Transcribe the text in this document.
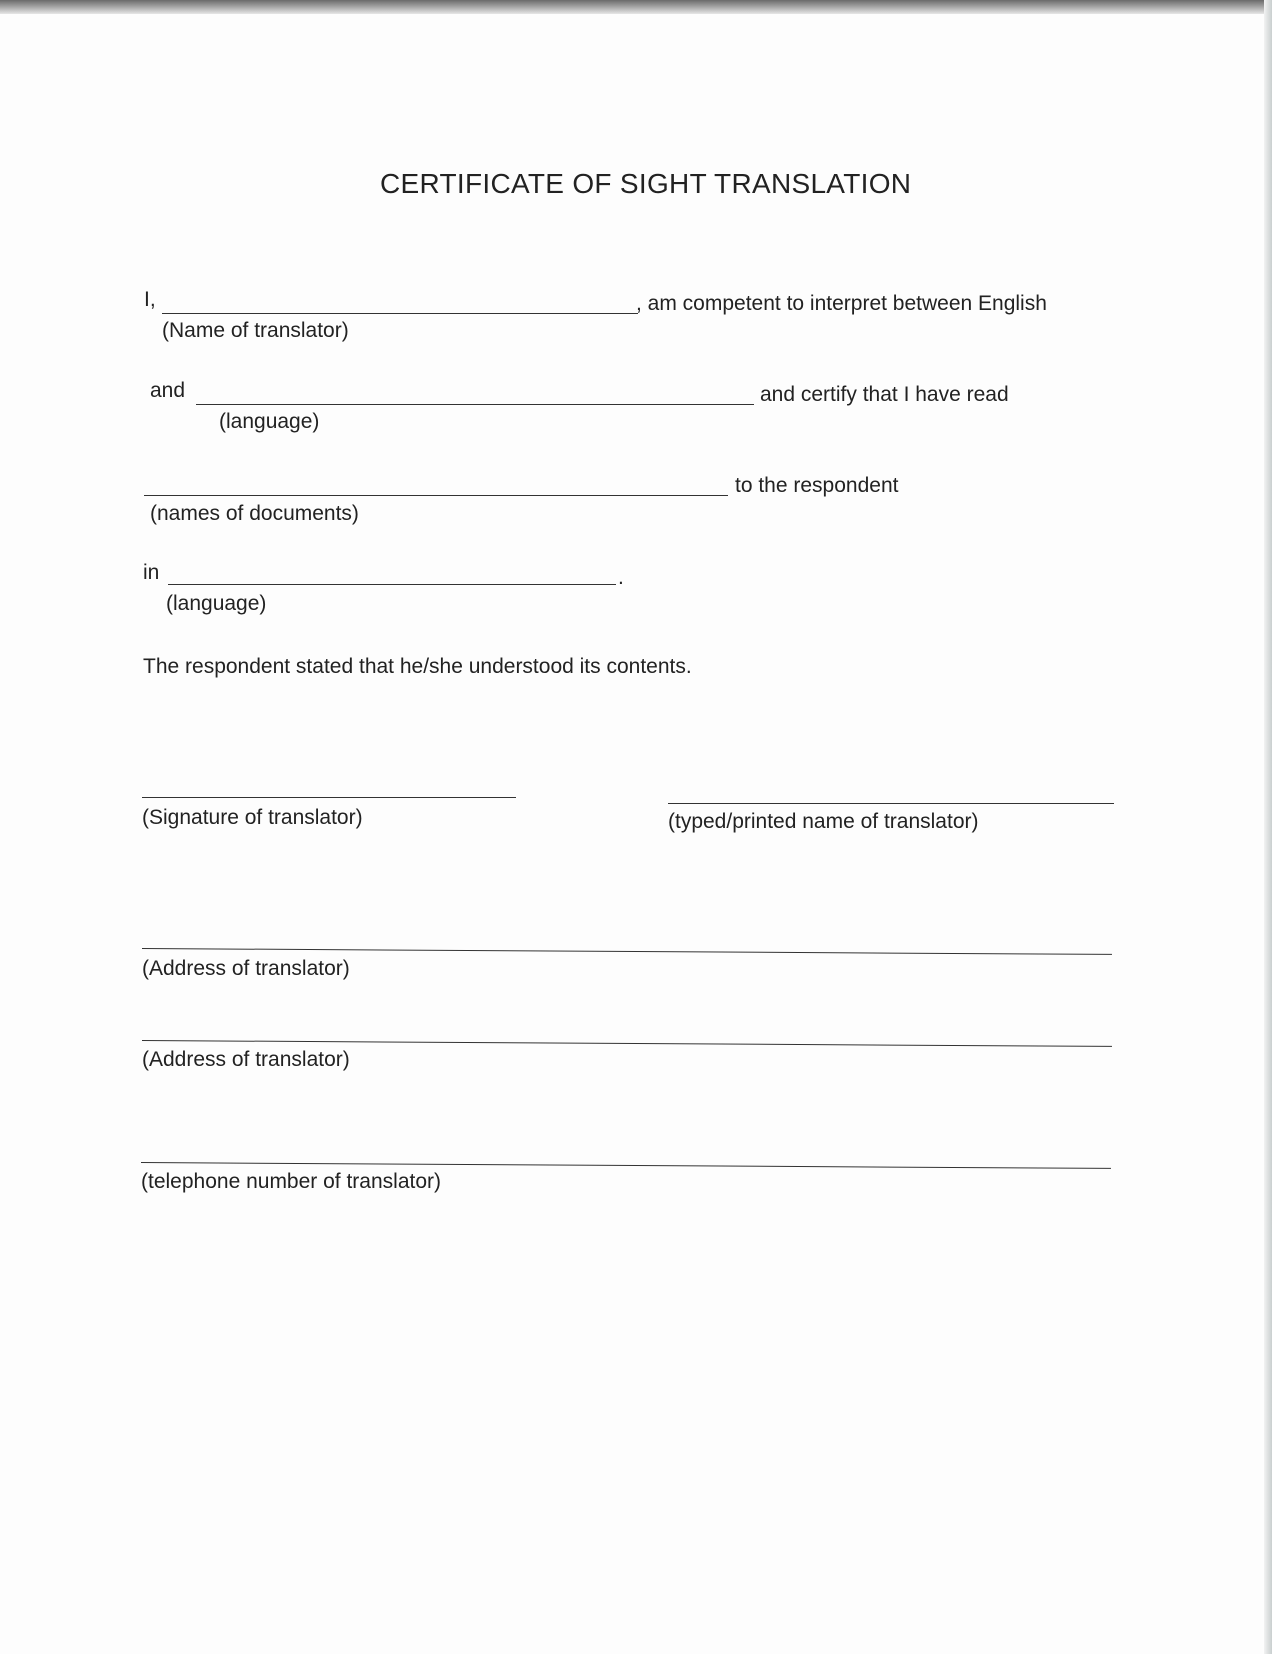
CERTIFICATE OF SIGHT TRANSLATION
I,	, am competent to interpret between English
(Name of translator)
and	and certify that I have read
(language)
to the respondent
(names of documents)
in	.
(language)
The respondent stated that he/she understood its contents.
(Signature of translator)	(typed/printed name of translator)
(Address of translator)
(Address of translator)
(telephone number of translator)
